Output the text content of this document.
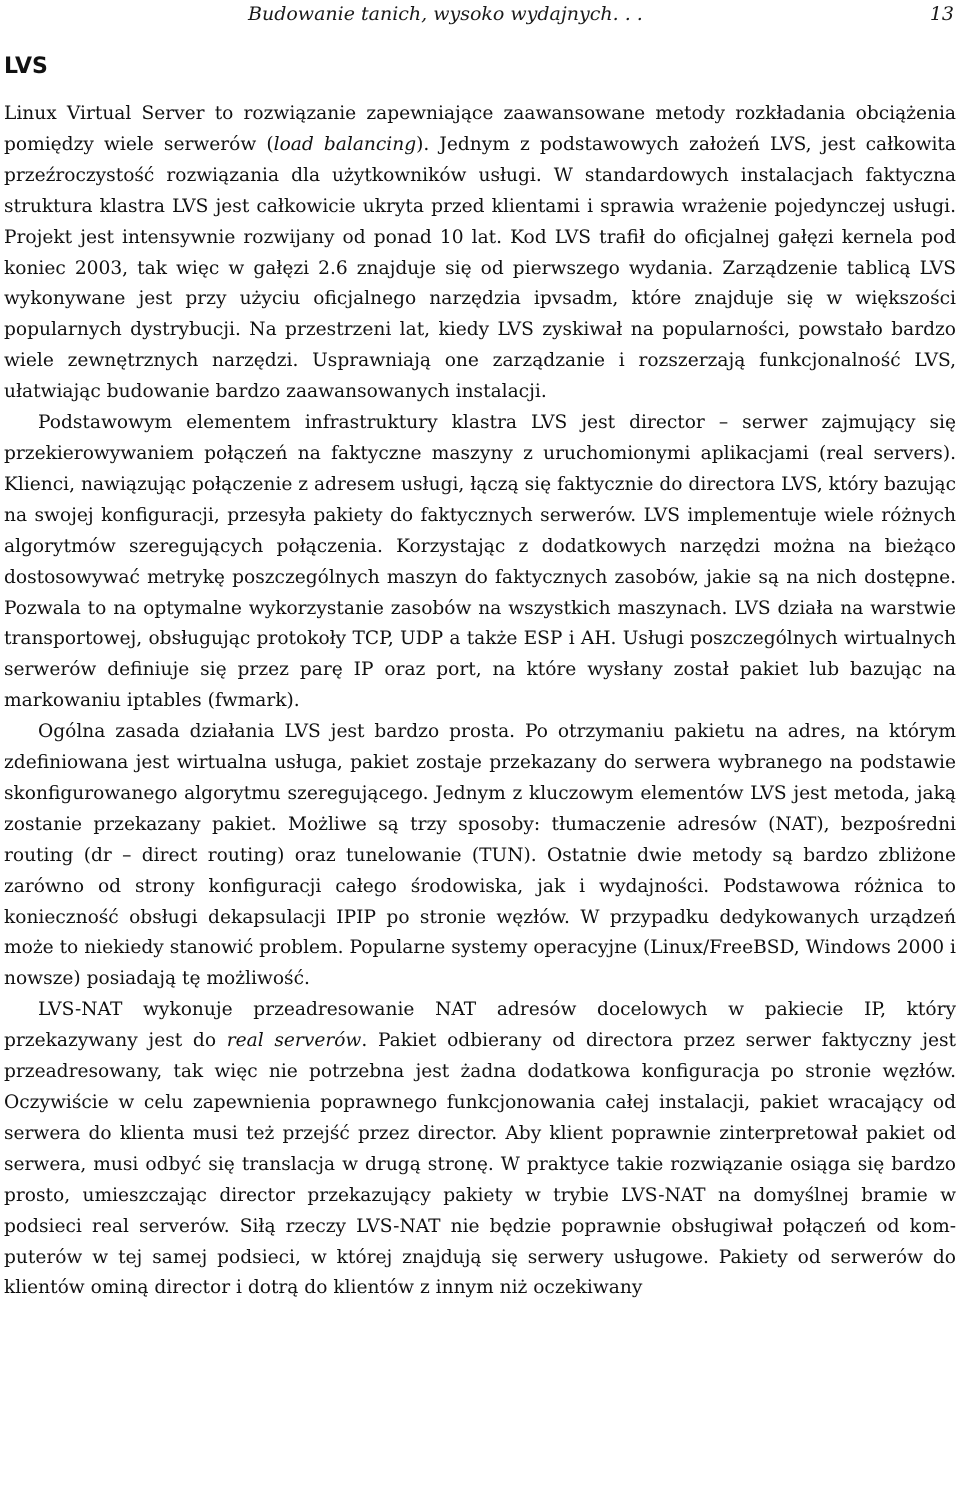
Budowanie tanich, wysoko wydajnych. . .	13
LVS

Linux Virtual Server to rozwiązanie zapewniające zaawansowane metody rozkładania obciążenia pomiędzy wiele serwerów (load balancing). Jednym z podstawowych założeń LVS, jest całkowita przeźroczystość rozwiązania dla użytkowników usługi. W standardowych instalacjach faktyczna struktura klastra LVS jest całkowicie ukryta przed klientami i sprawia wrażenie pojedynczej usługi. Projekt jest intensywnie rozwijany od ponad 10 lat. Kod LVS trafił do oficjalnej gałęzi kernela pod koniec 2003, tak więc w gałęzi 2.6 znajduje się od pierwszego wydania. Zarządzenie tablicą LVS wykonywane jest przy użyciu oficjalnego narzędzia ipvsadm, które znajduje się w większości popularnych dystrybucji. Na przestrzeni lat, kiedy LVS zyskiwał na popularności, powstało bardzo wiele zewnętrznych narzędzi. Usprawniają one zarządzanie i rozszerzają funkcjonalność LVS, ułatwiając budowanie bardzo zaawansowanych instalacji.

Podstawowym elementem infrastruktury klastra LVS jest director – serwer zajmujący się przekierowywaniem połączeń na faktyczne maszyny z uruchomionymi aplikacjami (real servers). Klienci, nawiązując połączenie z adresem usługi, łączą się faktycznie do directora LVS, który bazując na swojej konfiguracji, przesyła pakiety do faktycznych serwerów. LVS implementuje wiele różnych algorytmów szeregujących połączenia. Korzystając z dodatkowych narzędzi można na bieżąco dostosowywać metrykę poszczególnych maszyn do faktycznych zasobów, jakie są na nich dostępne. Pozwala to na optymalne wykorzystanie zasobów na wszystkich maszynach. LVS działa na warstwie transportowej, obsługując protokoły TCP, UDP a także ESP i AH. Usługi poszczególnych wirtualnych serwerów definiuje się przez parę IP oraz port, na które wysłany został pakiet lub bazując na markowaniu iptables (fwmark).

Ogólna zasada działania LVS jest bardzo prosta. Po otrzymaniu pakietu na adres, na którym zdefiniowana jest wirtualna usługa, pakiet zostaje przekazany do serwera wybranego na podstawie skonfigurowanego algorytmu szeregującego. Jednym z kluczowym elementów LVS jest metoda, jaką zostanie przekazany pakiet. Możliwe są trzy sposoby: tłumaczenie adresów (NAT), bezpośredni routing (dr – direct routing) oraz tunelowanie (TUN). Ostatnie dwie metody są bardzo zbliżone zarówno od strony konfiguracji całego środowiska, jak i wydajności. Podstawowa różnica to konieczność obsługi dekapsulacji IPIP po stronie węzłów. W przypadku dedykowanych urządzeń może to niekiedy stanowić problem. Popularne systemy operacyjne (Linux/FreeBSD, Windows 2000 i nowsze) posiadają tę możliwość.

LVS-NAT wykonuje przeadresowanie NAT adresów docelowych w pakiecie IP, który przekazywany jest do real serverów. Pakiet odbierany od directora przez serwer faktyczny jest przeadresowany, tak więc nie potrzebna jest żadna dodatkowa konfiguracja po stronie węzłów. Oczywiście w celu zapewnienia poprawnego funkcjonowania całej instalacji, pakiet wracający od serwera do klienta musi też przejść przez director. Aby klient poprawnie zinterpretował pakiet od serwera, musi odbyć się translacja w drugą stronę. W praktyce takie rozwiązanie osiąga się bardzo prosto, umieszczając director przekazujący pakiety w trybie LVS-NAT na domyślnej bramie w podsieci real serverów. Siłą rzeczy LVS-NAT nie będzie poprawnie obsługiwał połączeń od komputerów w tej samej podsieci, w której znajdują się serwery usługowe. Pakiety od serwerów do klientów ominą director i dotrą do klientów z innym niż oczekiwany
